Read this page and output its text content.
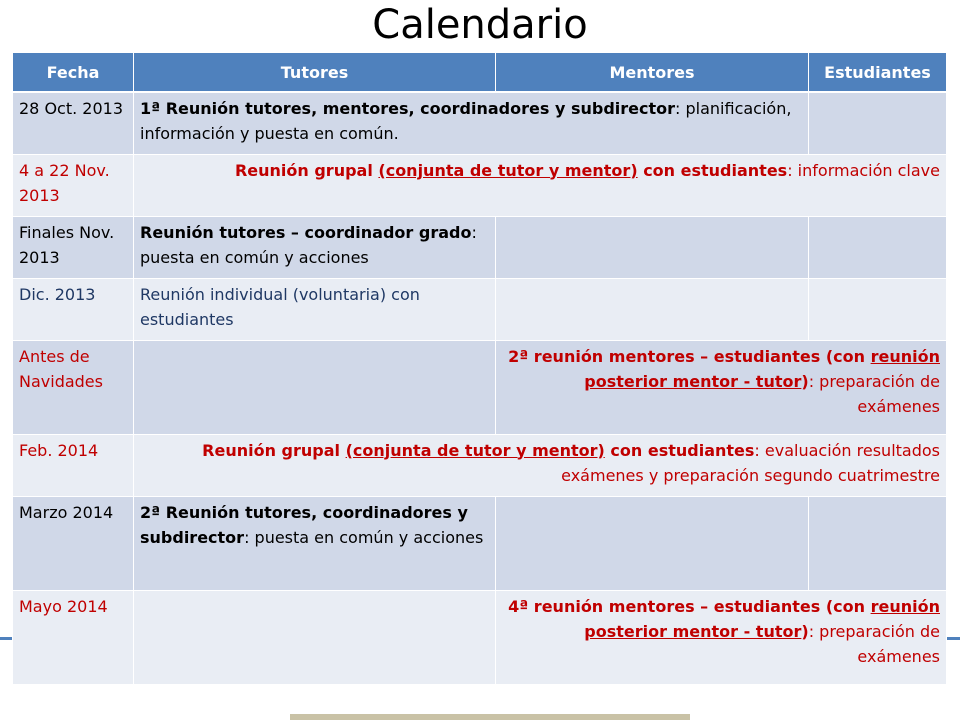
Calendario
Fecha	Tutores	Mentores	Estudiantes
28 Oct. 2013	1ª Reunión tutores, mentores, coordinadores y subdirector: planificación, información y puesta en común.		
4 a 22 Nov. 2013	Reunión grupal (conjunta de tutor y mentor) con estudiantes: información clave		
Finales Nov. 2013	Reunión tutores – coordinador grado: puesta en común y acciones		
Dic. 2013	Reunión individual (voluntaria) con estudiantes		
Antes de Navidades		2ª reunión mentores – estudiantes (con reunión posterior mentor - tutor): preparación de exámenes	
Feb. 2014	Reunión grupal (conjunta de tutor y mentor) con estudiantes: evaluación resultados exámenes y preparación segundo cuatrimestre		
Marzo 2014	2ª Reunión tutores, coordinadores y subdirector: puesta en común y acciones		
Mayo 2014		4ª reunión mentores – estudiantes (con reunión posterior mentor - tutor): preparación de exámenes	
